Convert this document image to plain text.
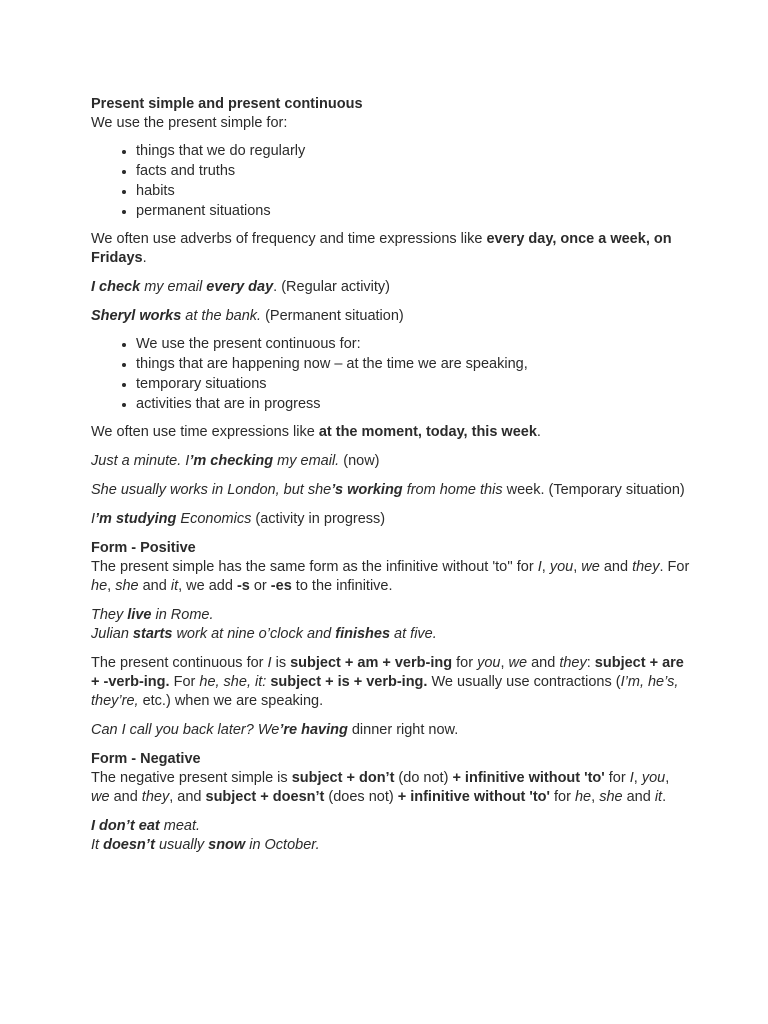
Present simple and present continuous

We use the present simple for:

• things that we do regularly
• facts and truths
• habits
• permanent situations

We often use adverbs of frequency and time expressions like every day, once a week, on Fridays.

I check my email every day. (Regular activity)

Sheryl works at the bank. (Permanent situation)

• We use the present continuous for:
• things that are happening now – at the time we are speaking,
• temporary situations
• activities that are in progress

We often use time expressions like at the moment, today, this week.

Just a minute. I’m checking my email. (now)

She usually works in London, but she’s working from home this week. (Temporary situation)

I’m studying Economics (activity in progress)

Form - Positive

The present simple has the same form as the infinitive without 'to'' for I, you, we and they. For he, she and it, we add -s or -es to the infinitive.

They live in Rome.
Julian starts work at nine o’clock and finishes at five.

The present continuous for I is subject + am + verb-ing for you, we and they: subject + are + -verb-ing. For he, she, it: subject + is + verb-ing. We usually use contractions (I’m, he’s, they’re, etc.) when we are speaking.

Can I call you back later? We’re having dinner right now.

Form - Negative

The negative present simple is subject + don’t (do not) + infinitive without 'to' for I, you, we and they, and subject + doesn’t (does not) + infinitive without 'to' for he, she and it.

I don’t eat meat.
It doesn’t usually snow in October.
